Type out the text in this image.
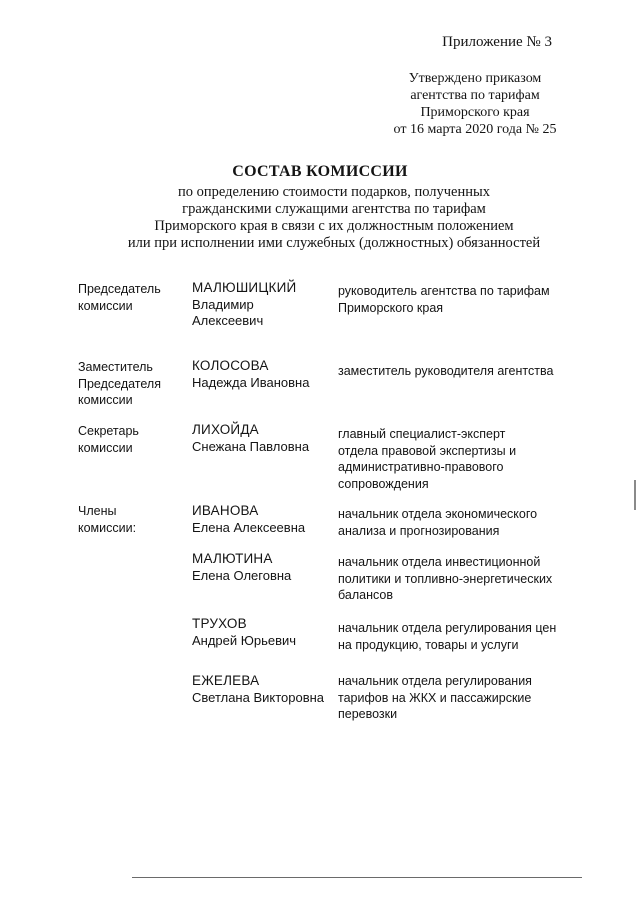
Приложение № 3
Утверждено приказом
агентства по тарифам
Приморского края
от 16 марта 2020 года № 25
СОСТАВ КОМИССИИ
по определению стоимости подарков, полученных
гражданскими служащими агентства по тарифам
Приморского края в связи с их должностным положением
или при исполнении ими служебных (должностных) обязанностей
Председатель
комиссии
МАЛЮШИЦКИЙ
Владимир
Алексеевич
руководитель агентства по тарифам
Приморского края
Заместитель
Председателя
комиссии
КОЛОСОВА
Надежда Ивановна
заместитель руководителя агентства
Секретарь
комиссии
ЛИХОЙДА
Снежана Павловна
главный специалист-эксперт
отдела правовой экспертизы и
административно-правового
сопровождения
Члены
комиссии:
ИВАНОВА
Елена Алексеевна
начальник отдела экономического
анализа и прогнозирования
МАЛЮТИНА
Елена Олеговна
начальник отдела инвестиционной
политики и топливно-энергетических
балансов
ТРУХОВ
Андрей Юрьевич
начальник отдела регулирования цен
на продукцию, товары и услуги
ЕЖЕЛЕВА
Светлана Викторовна
начальник отдела регулирования
тарифов на ЖКХ и пассажирские
перевозки
